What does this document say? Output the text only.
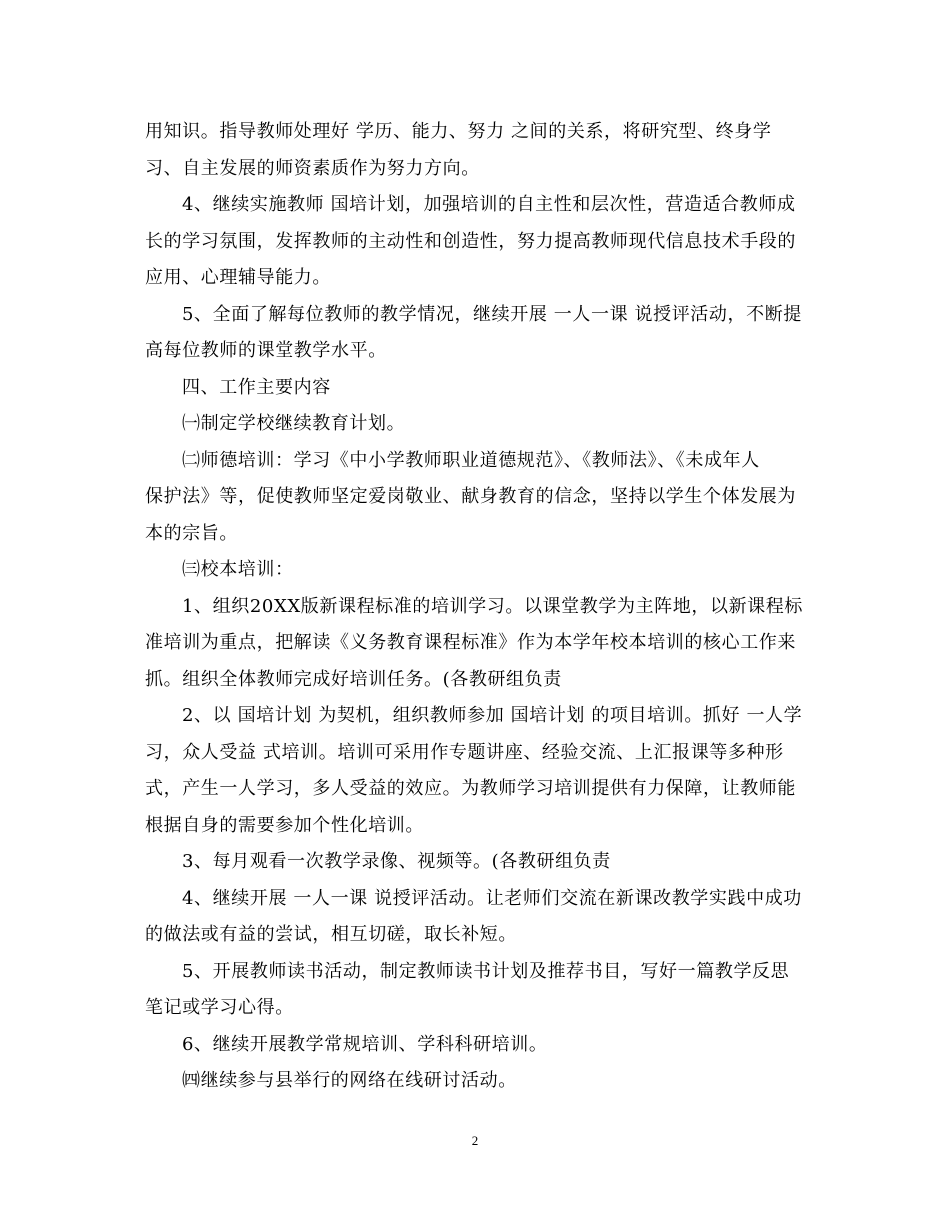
用知识。指导教师处理好 学历、能力、努力 之间的关系，将研究型、终身学

习、自主发展的师资素质作为努力方向。

4、继续实施教师 国培计划，加强培训的自主性和层次性，营造适合教师成

长的学习氛围，发挥教师的主动性和创造性，努力提高教师现代信息技术手段的

应用、心理辅导能力。

5、全面了解每位教师的教学情况，继续开展 一人一课 说授评活动，不断提

高每位教师的课堂教学水平。

四、工作主要内容

㈠制定学校继续教育计划。

㈡师德培训：学习《中小学教师职业道德规范》、《教师法》、《未成年人

保护法》等，促使教师坚定爱岗敬业、献身教育的信念，坚持以学生个体发展为

本的宗旨。

㈢校本培训：

1、组织20XX版新课程标准的培训学习。以课堂教学为主阵地，以新课程标

准培训为重点，把解读《义务教育课程标准》作为本学年校本培训的核心工作来

抓。组织全体教师完成好培训任务。(各教研组负责

2、以 国培计划 为契机，组织教师参加 国培计划 的项目培训。抓好 一人学

习，众人受益 式培训。培训可采用作专题讲座、经验交流、上汇报课等多种形

式，产生一人学习，多人受益的效应。为教师学习培训提供有力保障，让教师能

根据自身的需要参加个性化培训。

3、每月观看一次教学录像、视频等。(各教研组负责

4、继续开展 一人一课 说授评活动。让老师们交流在新课改教学实践中成功

的做法或有益的尝试，相互切磋，取长补短。

5、开展教师读书活动，制定教师读书计划及推荐书目，写好一篇教学反思

笔记或学习心得。

6、继续开展教学常规培训、学科科研培训。

㈣继续参与县举行的网络在线研讨活动。

2
